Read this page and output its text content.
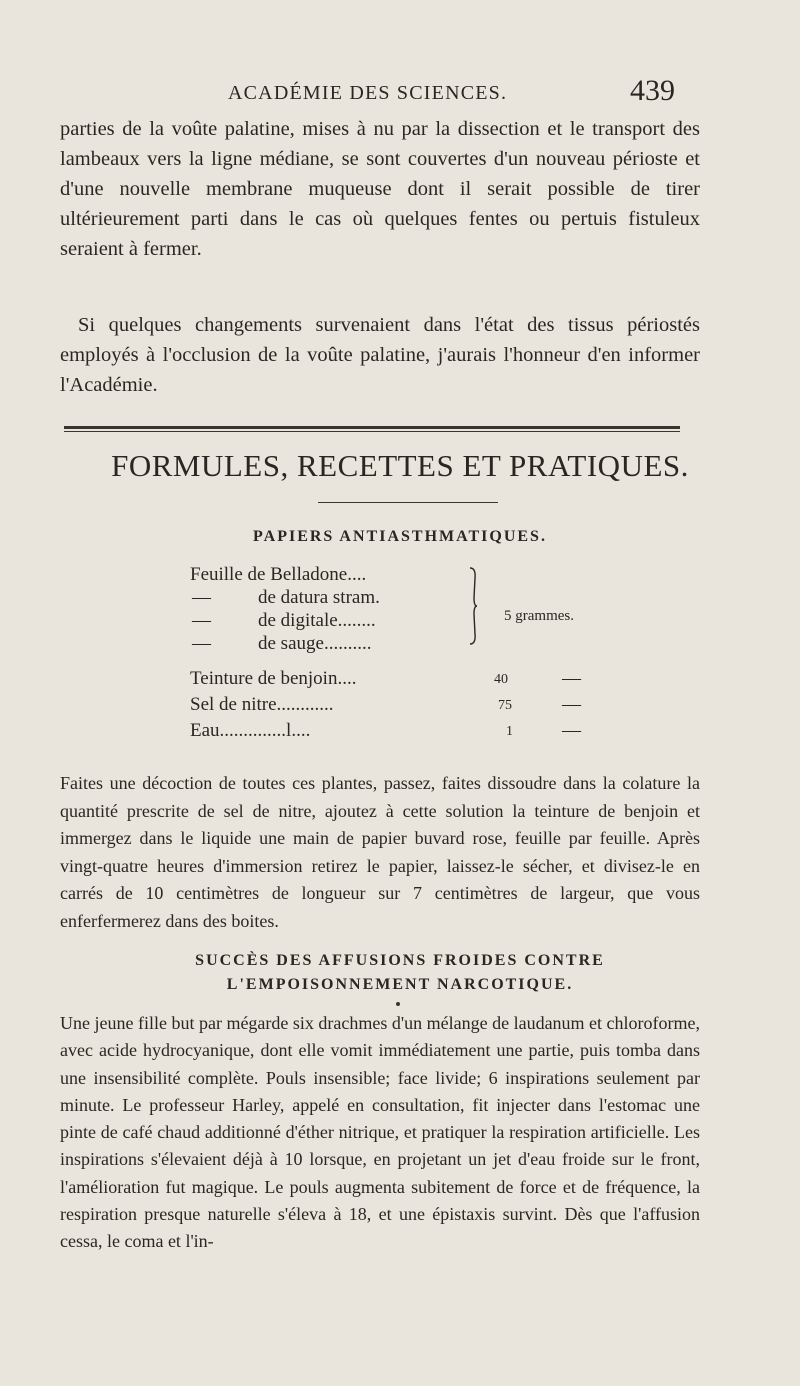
ACADÉMIE DES SCIENCES.	439

parties de la voûte palatine, mises à nu par la dissection et le transport des lambeaux vers la ligne médiane, se sont couvertes d'un nouveau périoste et d'une nouvelle membrane muqueuse dont il serait possible de tirer ultérieurement parti dans le cas où quelques fentes ou pertuis fistuleux seraient à fermer.

Si quelques changements survenaient dans l'état des tissus périostés employés à l'occlusion de la voûte palatine, j'aurais l'honneur d'en informer l'Académie.

FORMULES, RECETTES ET PRATIQUES.
PAPIERS ANTIASTHMATIQUES.
Feuille de Belladone....
— de datura stram.
— de digitale........
— de sauge..........
5 grammes.
Teinture de benjoin....	40	—
Sel de nitre............	75	—
Eau..............l....	1	—

Faites une décoction de toutes ces plantes, passez, faites dissoudre dans la colature la quantité prescrite de sel de nitre, ajoutez à cette solution la teinture de benjoin et immergez dans le liquide une main de papier buvard rose, feuille par feuille. Après vingt-quatre heures d'immersion retirez le papier, laissez-le sécher, et divisez-le en carrés de 10 centimètres de longueur sur 7 centimètres de largeur, que vous enferfermerez dans des boites.

SUCCÈS DES AFFUSIONS FROIDES CONTRE
L'EMPOISONNEMENT NARCOTIQUE.

Une jeune fille but par mégarde six drachmes d'un mélange de laudanum et chloroforme, avec acide hydrocyanique, dont elle vomit immédiatement une partie, puis tomba dans une insensibilité complète. Pouls insensible; face livide; 6 inspirations seulement par minute. Le professeur Harley, appelé en consultation, fit injecter dans l'estomac une pinte de café chaud additionné d'éther nitrique, et pratiquer la respiration artificielle. Les inspirations s'élevaient déjà à 10 lorsque, en projetant un jet d'eau froide sur le front, l'amélioration fut magique. Le pouls augmenta subitement de force et de fréquence, la respiration presque naturelle s'éleva à 18, et une épistaxis survint. Dès que l'affusion cessa, le coma et l'in-
